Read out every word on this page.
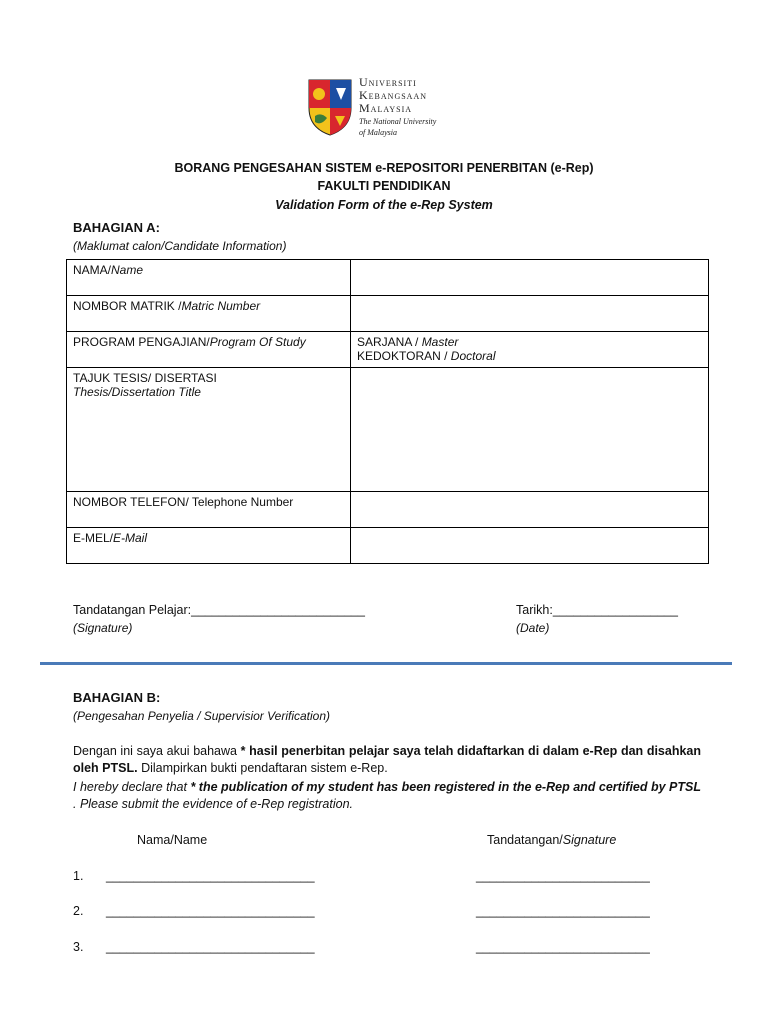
Universiti
Kebangsaan
Malaysia
The National University
of Malaysia
BORANG PENGESAHAN SISTEM e-REPOSITORI PENERBITAN (e-Rep)
FAKULTI PENDIDIKAN
Validation Form of the e-Rep System
BAHAGIAN A:
(Maklumat calon/Candidate Information)
NAMA/Name	
NOMBOR MATRIK /Matric Number	
PROGRAM PENGAJIAN/Program Of Study	SARJANA / Master
KEDOKTORAN / Doctoral

TAJUK TESIS/ DISERTASI
Thesis/Dissertation Title	

NOMBOR TELEFON/ Telephone Number	
E-MEL/E-Mail	
Tandatangan Pelajar:_________________________
(Signature)
Tarikh:__________________
(Date)
BAHAGIAN B:
(Pengesahan Penyelia / Supervisior Verification)
Dengan ini saya akui bahawa * hasil penerbitan pelajar saya telah didaftarkan di dalam e-Rep dan disahkan oleh PTSL. Dilampirkan bukti pendaftaran sistem e-Rep.
I hereby declare that * the publication of my student has been registered in the e-Rep and certified by PTSL . Please submit the evidence of e-Rep registration.
Nama/Name	Tandatangan/Signature
1. ______________________________	_________________________
2. ______________________________	_________________________
3. ______________________________	_________________________
